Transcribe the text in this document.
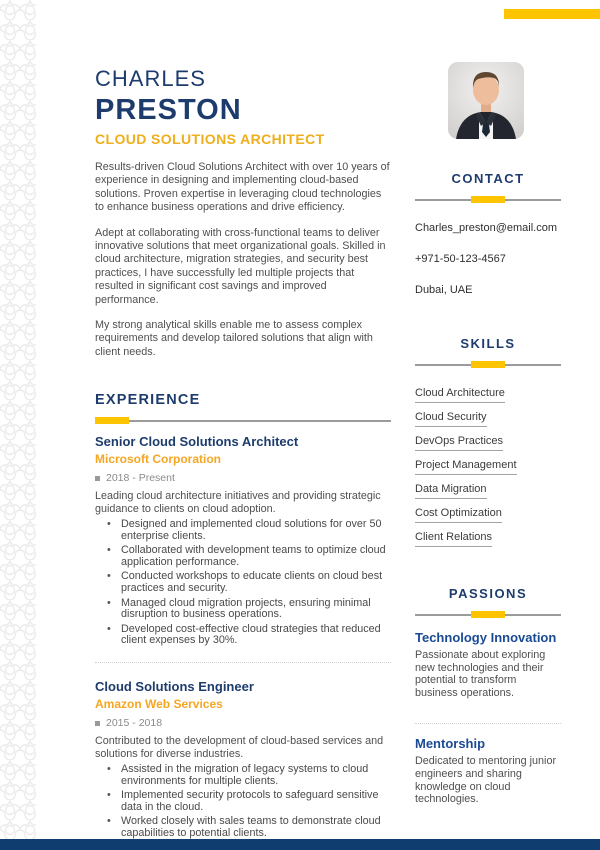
CHARLES
PRESTON
CLOUD SOLUTIONS ARCHITECT

Results-driven Cloud Solutions Architect with over 10 years of experience in designing and implementing cloud-based solutions. Proven expertise in leveraging cloud technologies to enhance business operations and drive efficiency.

Adept at collaborating with cross-functional teams to deliver innovative solutions that meet organizational goals. Skilled in cloud architecture, migration strategies, and security best practices, I have successfully led multiple projects that resulted in significant cost savings and improved performance.

My strong analytical skills enable me to assess complex requirements and develop tailored solutions that align with client needs.

EXPERIENCE
Senior Cloud Solutions Architect
Microsoft Corporation
2018 - Present

Leading cloud architecture initiatives and providing strategic guidance to clients on cloud adoption.

• Designed and implemented cloud solutions for over 50 enterprise clients.
• Collaborated with development teams to optimize cloud application performance.
• Conducted workshops to educate clients on cloud best practices and security.
• Managed cloud migration projects, ensuring minimal disruption to business operations.
• Developed cost-effective cloud strategies that reduced client expenses by 30%.
Cloud Solutions Engineer
Amazon Web Services
2015 - 2018

Contributed to the development of cloud-based services and solutions for diverse industries.

• Assisted in the migration of legacy systems to cloud environments for multiple clients.
• Implemented security protocols to safeguard sensitive data in the cloud.
• Worked closely with sales teams to demonstrate cloud capabilities to potential clients.
CONTACT
Charles_preston@email.com
+971-50-123-4567
Dubai, UAE
SKILLS
Cloud Architecture
Cloud Security
DevOps Practices
Project Management
Data Migration
Cost Optimization
Client Relations
PASSIONS
Technology Innovation

Passionate about exploring new technologies and their potential to transform business operations.

Mentorship

Dedicated to mentoring junior engineers and sharing knowledge on cloud technologies.
